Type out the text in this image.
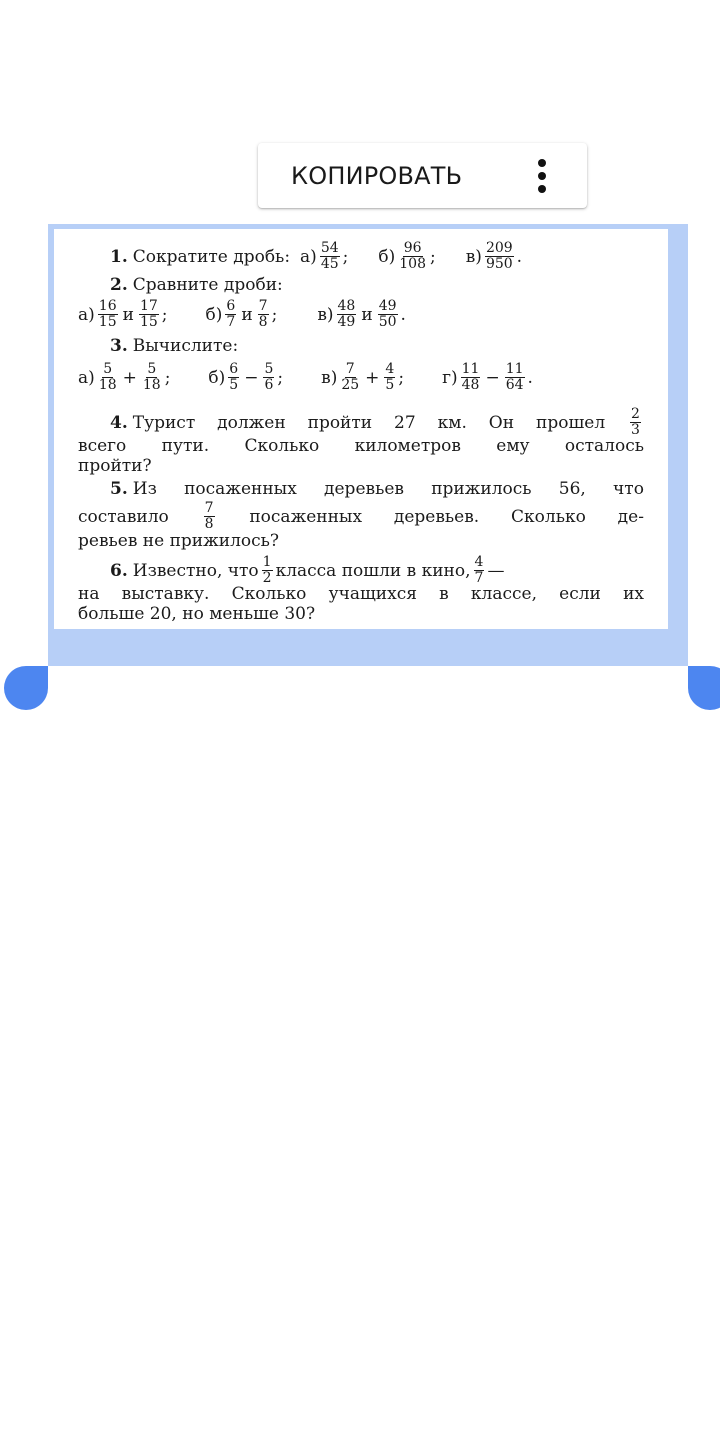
1. Сократите дробь: $а) \frac{54}{45}$ ; $б) \frac{96}{108}$ ; $в) \frac{209}{950}$ .
2. Сравните дроби:
$а) \frac{16}{15}$ и $\frac{17}{15}$ ; $б) \frac{6}{7}$ и $\frac{7}{8}$ ; $в) \frac{48}{49}$ и $\frac{49}{50}$ .
3. Вычислите:
$а) \frac{5}{18} + \frac{5}{18}$ ; $б) \frac{6}{5} - \frac{5}{6}$ ; $в) \frac{7}{25} + \frac{4}{5}$ ; $г) \frac{11}{48} - \frac{11}{64}$ .
4. Турист должен пройти 27 км. Он прошел $\frac{2}{3}$
всего пути. Сколько километров ему осталось
пройти?
5. Из посаженных деревьев прижилось 56, что
составило $\frac{7}{8}$ посаженных деревьев. Сколько де-
ревьев не прижилось?
6. Известно, что $\frac{1}{2}$ класса пошли в кино, $\frac{4}{7}$ —
на выставку. Сколько учащихся в классе, если их
больше 20, но меньше 30?
КОПИРОВАТЬ
